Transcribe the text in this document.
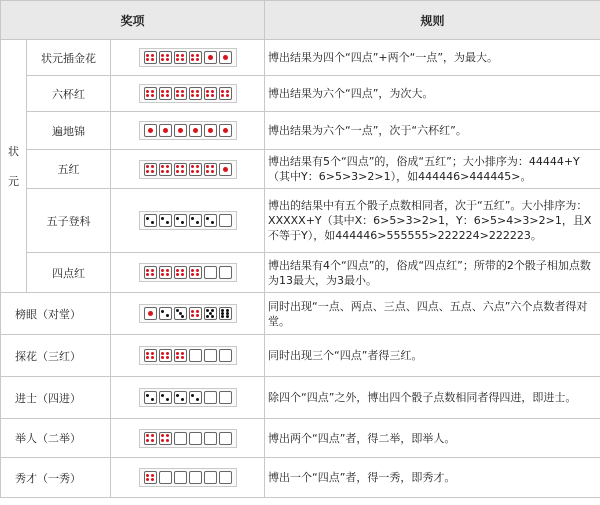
奖项			规则
状

元	状元插金花		博出结果为四个“四点”+两个“一点”，为最大。
	六杯红		博出结果为六个“四点”，为次大。
	遍地锦		博出结果为六个“一点”，次于“六杯红”。
	五红		博出结果有5个“四点”的，俗成“五红”；大小排序为：44444+Y（其中Y：6>5>3>2>1），如444446>444445>。
	五子登科		博出的结果中有五个骰子点数相同者，次于“五红”。大小排序为：XXXXX+Y（其中X：6>5>3>2>1，Y：6>5>4>3>2>1，且X不等于Y），如444446>555555>222224>222223。
	四点红		博出结果有4个“四点”的，俗成“四点红”；所带的2个骰子相加点数为13最大，为3最小。
榜眼（对堂）			同时出现“一点、两点、三点、四点、五点、六点”六个点数者得对堂。
探花（三红）			同时出现三个“四点”者得三红。
进士（四进）			除四个“四点”之外，博出四个骰子点数相同者得四进，即进士。
举人（二举）			博出两个“四点”者，得二举，即举人。
秀才（一秀）			博出一个“四点”者，得一秀，即秀才。
